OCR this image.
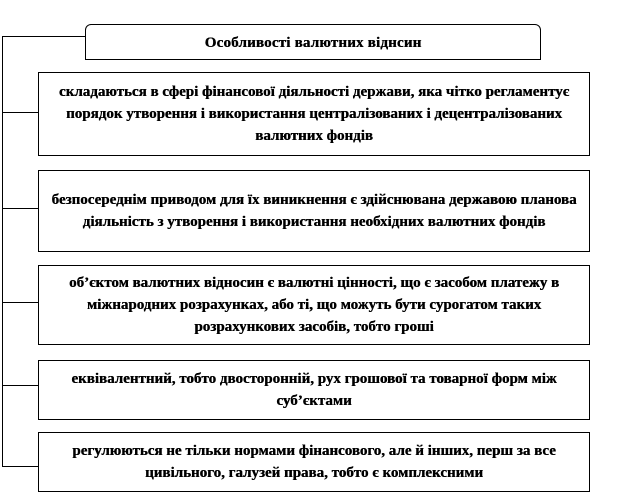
Особливості валютних віднсин
складаються в сфері фінансової діяльності держави, яка чітко регламентує порядок утворення і використання централізованих і децентралізованих валютних фондів
безпосереднім приводом для їх виникнення є здійснювана державою планова діяльність з утворення і використання необхідних валютних фондів
об’єктом валютних відносин є валютні цінності, що є засобом платежу в міжнародних розрахунках, або ті, що можуть бути сурогатом таких розрахункових засобів, тобто гроші
еквівалентний, тобто двосторонній, рух грошової та товарної форм між суб’єктами
регулюються не тільки нормами фінансового, але й інших, перш за все цивільного, галузей права, тобто є комплексними
